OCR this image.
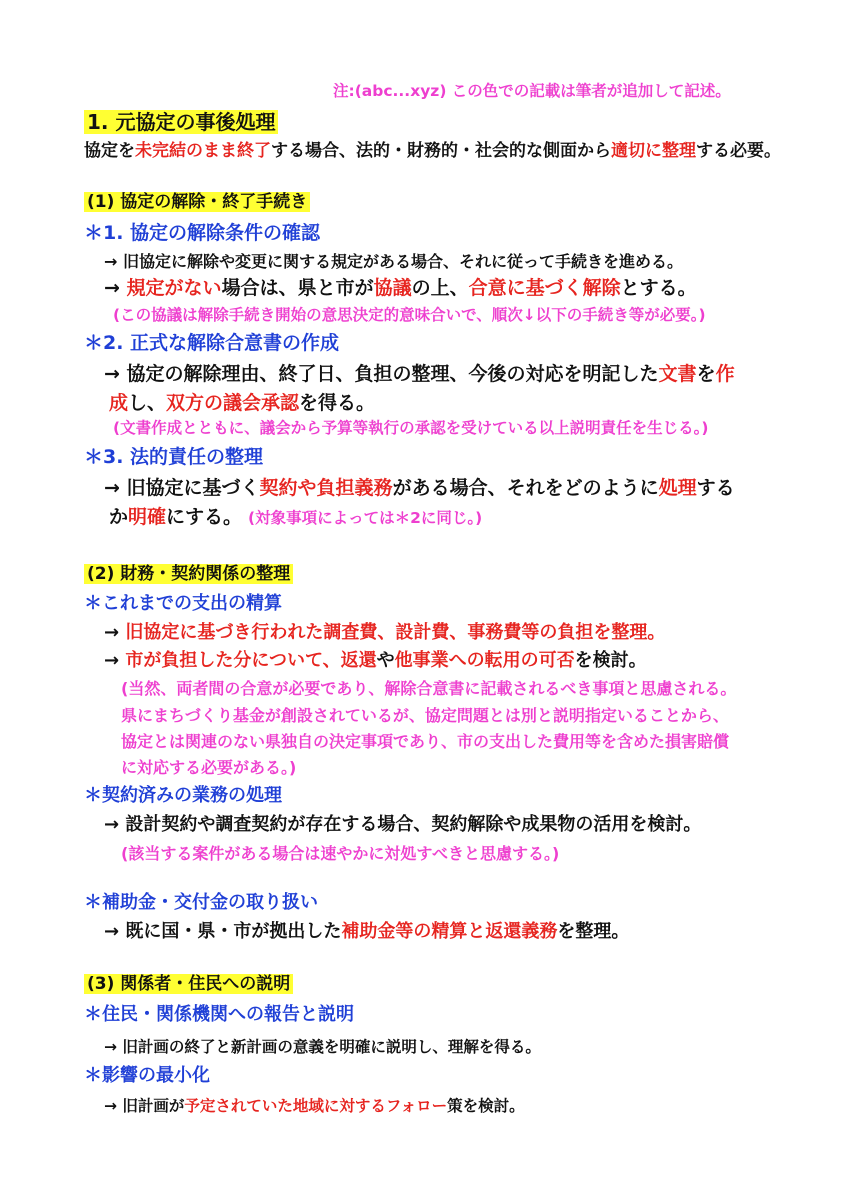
注:(abc...xyz) この色での記載は筆者が追加して記述。
1. 元協定の事後処理
協定を未完結のまま終了する場合、法的・財務的・社会的な側面から適切に整理する必要。
(1) 協定の解除・終了手続き
＊1. 協定の解除条件の確認
→ 旧協定に解除や変更に関する規定がある場合、それに従って手続きを進める。
→ 規定がない場合は、県と市が協議の上、合意に基づく解除とする。
(この協議は解除手続き開始の意思決定的意味合いで、順次↓以下の手続き等が必要。)
＊2. 正式な解除合意書の作成
→ 協定の解除理由、終了日、負担の整理、今後の対応を明記した文書を作
成し、双方の議会承認を得る。
(文書作成とともに、議会から予算等執行の承認を受けている以上説明責任を生じる。)
＊3. 法的責任の整理
→ 旧協定に基づく契約や負担義務がある場合、それをどのように処理する
か明確にする。 (対象事項によっては＊2に同じ。)
(2) 財務・契約関係の整理
＊これまでの支出の精算
→ 旧協定に基づき行われた調査費、設計費、事務費等の負担を整理。
→ 市が負担した分について、返還や他事業への転用の可否を検討。
(当然、両者間の合意が必要であり、解除合意書に記載されるべき事項と思慮される。
県にまちづくり基金が創設されているが、協定問題とは別と説明指定いることから、
協定とは関連のない県独自の決定事項であり、市の支出した費用等を含めた損害賠償
に対応する必要がある。)
＊契約済みの業務の処理
→ 設計契約や調査契約が存在する場合、契約解除や成果物の活用を検討。
(該当する案件がある場合は速やかに対処すべきと思慮する。)
＊補助金・交付金の取り扱い
→ 既に国・県・市が拠出した補助金等の精算と返還義務を整理。
(3) 関係者・住民への説明
＊住民・関係機関への報告と説明
→ 旧計画の終了と新計画の意義を明確に説明し、理解を得る。
＊影響の最小化
→ 旧計画が予定されていた地域に対するフォロー策を検討。
